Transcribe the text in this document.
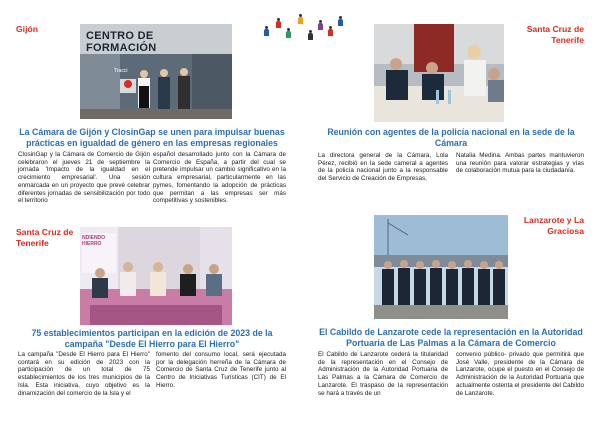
Gijón
CENTRO DE FORMACIÓN
Tracci
La Cámara de Gijón y ClosinGap se unen para impulsar buenas prácticas en igualdad de género en las empresas regionales
ClosinGap y la Cámara de Comercio de Gijón celebraron el jueves 21 de septiembre la jornada 'Impacto de la igualdad en el crecimiento empresarial'. Una sesión enmarcada en un proyecto que prevé celebrar diferentes jornadas de sensibilización por todo el territorio
español desarrollado junto con la Cámara de Comercio de España, a partir del cual se pretende impulsar un cambio significativo en la cultura empresarial, particularmente en las pymes, fomentando la adopción de prácticas que permitan a las empresas ser más competitivas y sostenibles.
Santa Cruz de Tenerife
Reunión con agentes de la policía nacional en la sede de la Cámara
La directora general de la Cámara, Lola Pérez, recibió en la sede cameral a agentes de la policía nacional junto a la responsable del Servicio de Creación de Empresas,
Natalia Medina. Ambas partes mantuvieron una reunión para valorar estrategias y vías de colaboración mutua para la ciudadanía.
Santa Cruz de Tenerife	NDIENDO
HIERRO
75 establecimientos participan en la edición de 2023 de la campaña "Desde El Hierro para El Hierro"
La campaña "Desde El Hierro para El Hierro" contará en su edición de 2023 con la participación de un total de 75 establecimientos de los tres municipios de la Isla. Esta iniciativa, cuyo objetivo es la dinamización del comercio de la Isla y el
fomento del consumo local, será ejecutada por la delegación herreña de la Cámara de Comercio de Santa Cruz de Tenerife junto al Centro de Iniciativas Turísticas (CIT) de El Hierro.
Lanzarote y La Graciosa
El Cabildo de Lanzarote cede la representación en la Autoridad Portuaria de Las Palmas a la Cámara de Comercio
El Cabildo de Lanzarote cederá la titularidad de la representación en el Consejo de Administración de la Autoridad Portuaria de Las Palmas a la Cámara de Comercio de Lanzarote. El traspaso de la representación se hará a través de un
convenio público- privado que permitirá que José Valle, presidente de la Cámara de Lanzarote, ocupe el puesto en el Consejo de Administración de la Autoridad Portuaria que actualmente ostenta el presidente del Cabildo de Lanzarote.
